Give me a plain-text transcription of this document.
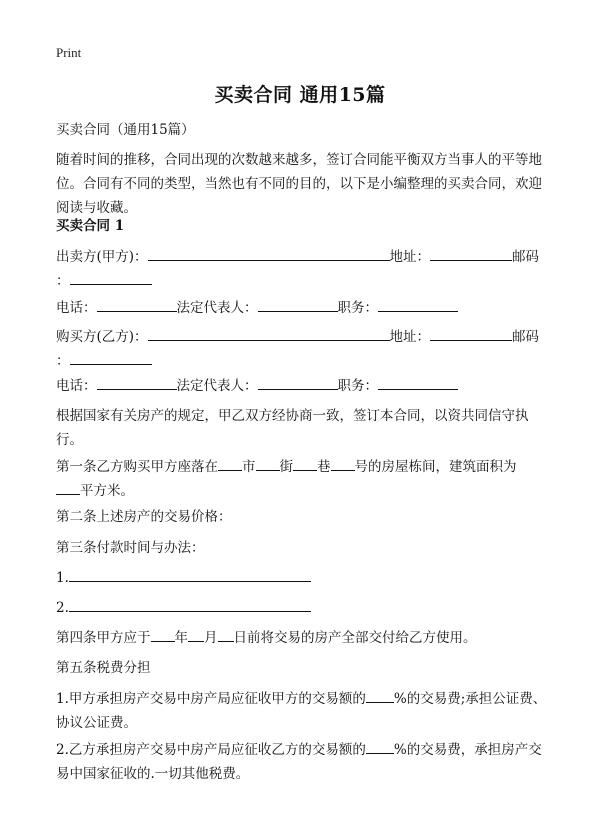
Print
买卖合同 通用15篇

买卖合同（通用15篇）

随着时间的推移，合同出现的次数越来越多，签订合同能平衡双方当事人的平等地位。合同有不同的类型，当然也有不同的目的，以下是小编整理的买卖合同，欢迎阅读与收藏。

买卖合同 1

出卖方(甲方)：	地址：	邮码

：

电话：	法定代表人：	职务：

购买方(乙方)：	地址：	邮码

：

电话：	法定代表人：	职务：

根据国家有关房产的规定，甲乙双方经协商一致，签订本合同，以资共同信守执行。

第一条乙方购买甲方座落在 市 街 巷 号的房屋栋间，建筑面积为

平方米。

第二条上述房产的交易价格：

第三条付款时间与办法：

1.

2.

第四条甲方应于 年 月 日前将交易的房产全部交付给乙方使用。

第五条税费分担

1.甲方承担房产交易中房产局应征收甲方的交易额的 %的交易费;承担公证费、协议公证费。

2.乙方承担房产交易中房产局应征收乙方的交易额的 %的交易费，承担房产交易中国家征收的.一切其他税费。
